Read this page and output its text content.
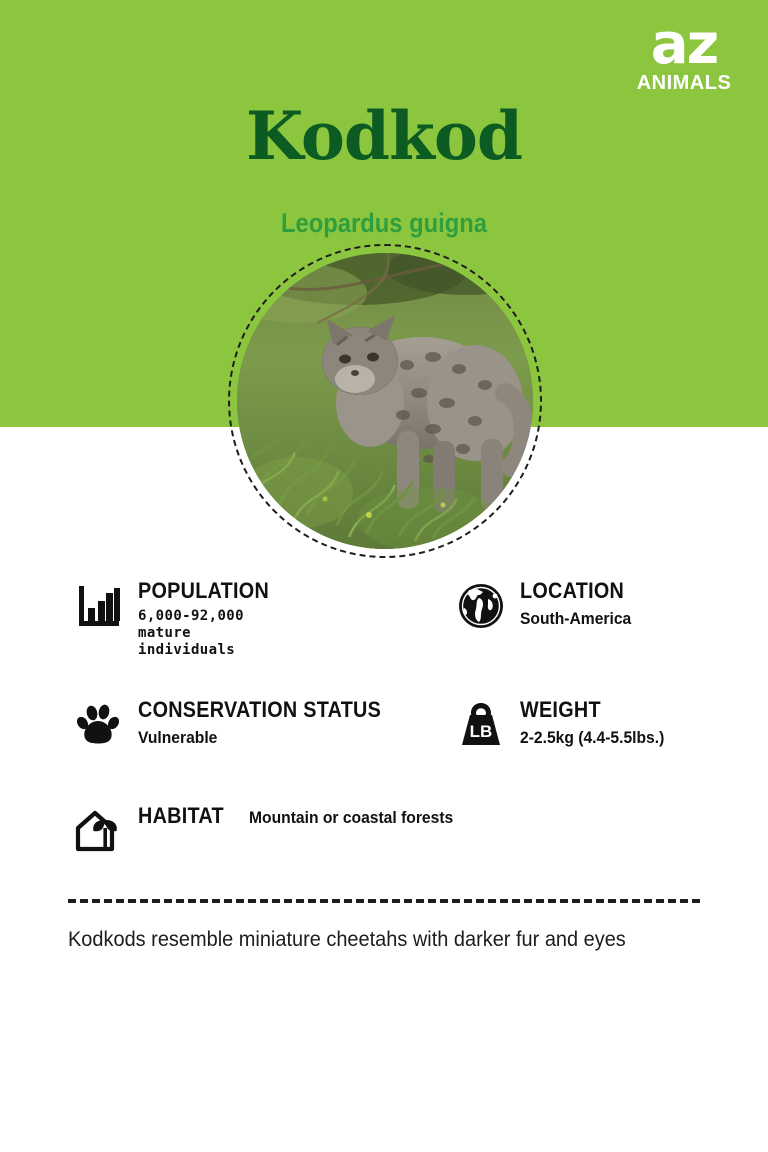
az
ANIMALS
Kodkod
Leopardus guigna
POPULATION
6,000-92,000
mature
individuals
LOCATION
South-America
CONSERVATION STATUS
Vulnerable	LB
WEIGHT
2-2.5kg (4.4-5.5lbs.)
HABITAT Mountain or coastal forests
Kodkods resemble miniature cheetahs with darker fur and eyes
